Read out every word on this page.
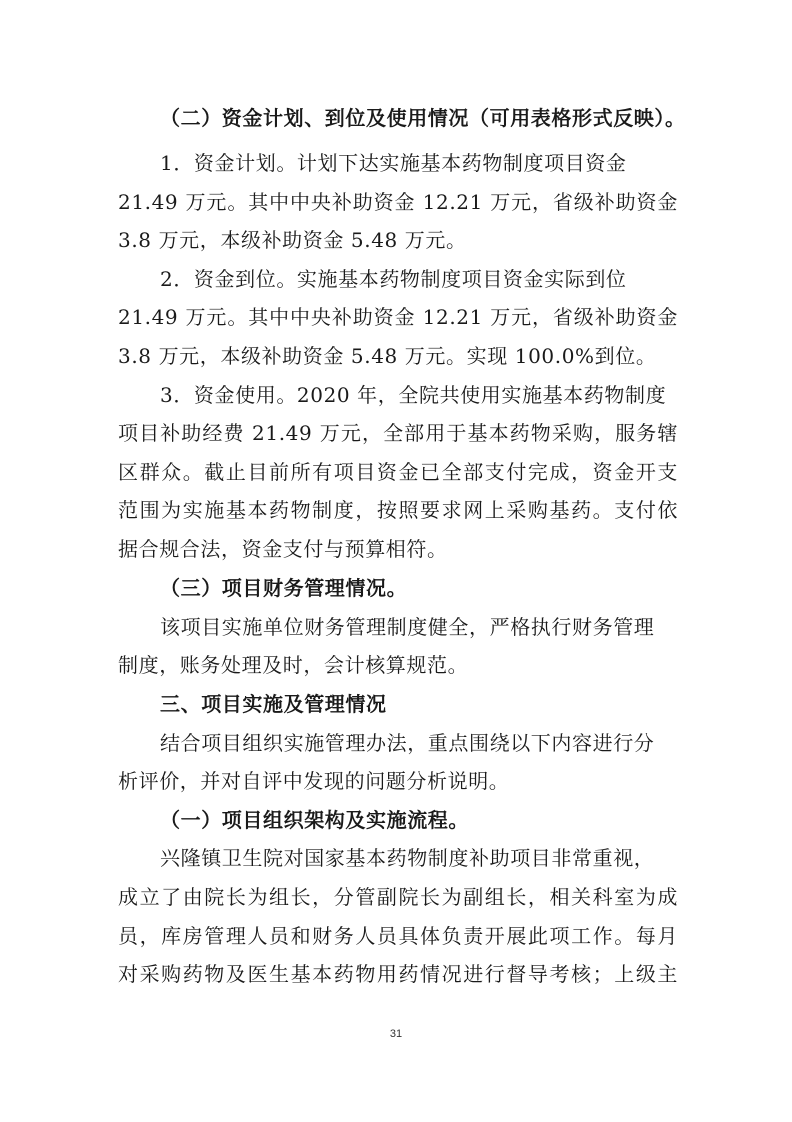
（二）资金计划、到位及使用情况（可用表格形式反映）。
1．资金计划。计划下达实施基本药物制度项目资金
21.49 万元。其中中央补助资金 12.21 万元，省级补助资金
3.8 万元，本级补助资金 5.48 万元。
2．资金到位。实施基本药物制度项目资金实际到位
21.49 万元。其中中央补助资金 12.21 万元，省级补助资金
3.8 万元，本级补助资金 5.48 万元。实现 100.0%到位。
3．资金使用。2020 年，全院共使用实施基本药物制度
项目补助经费 21.49 万元，全部用于基本药物采购，服务辖
区群众。截止目前所有项目资金已全部支付完成，资金开支
范围为实施基本药物制度，按照要求网上采购基药。支付依
据合规合法，资金支付与预算相符。
（三）项目财务管理情况。
该项目实施单位财务管理制度健全，严格执行财务管理
制度，账务处理及时，会计核算规范。
三、项目实施及管理情况
结合项目组织实施管理办法，重点围绕以下内容进行分
析评价，并对自评中发现的问题分析说明。
（一）项目组织架构及实施流程。
兴隆镇卫生院对国家基本药物制度补助项目非常重视，
成立了由院长为组长，分管副院长为副组长，相关科室为成
员，库房管理人员和财务人员具体负责开展此项工作。每月
对采购药物及医生基本药物用药情况进行督导考核；上级主
31
